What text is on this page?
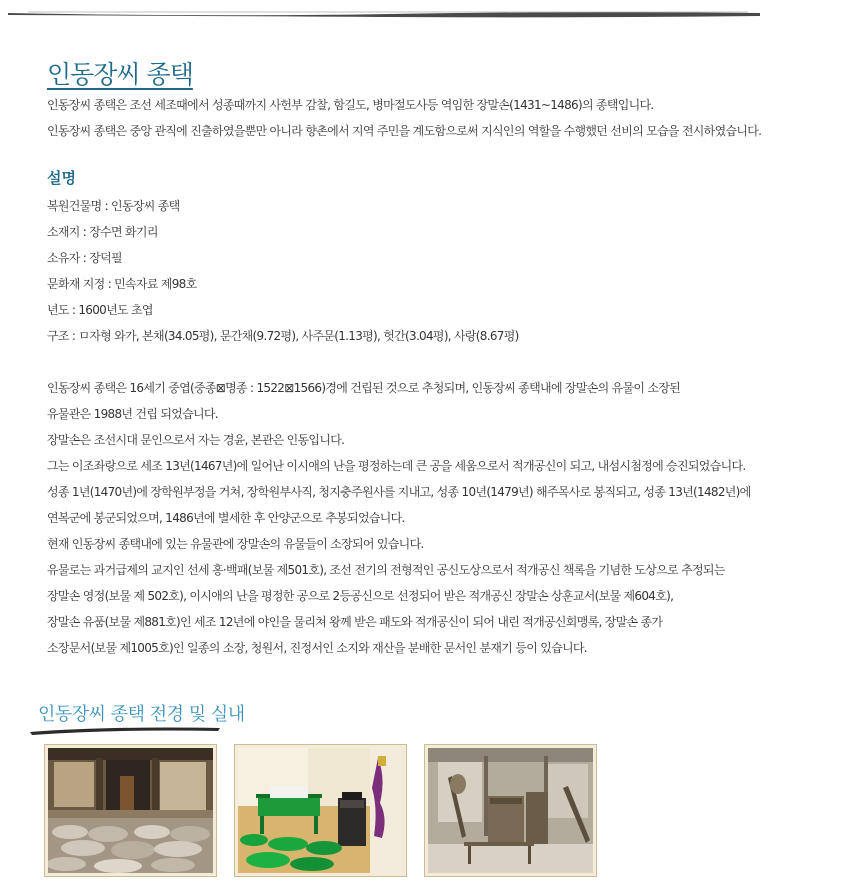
인동장씨 종택
인동장씨 종택은 조선 세조때에서 성종때까지 사헌부 감찰, 함길도, 병마절도사등 역임한 장말손(1431~1486)의 종택입니다.
인동장씨 종택은 중앙 관직에 진출하였을뿐만 아니라 향촌에서 지역 주민을 계도함으로써 지식인의 역할을 수행했던 선비의 모습을 전시하였습니다.
설명
복원건물명 : 인동장씨 종택
소재지 : 장수면 화기리
소유자 : 장덕필
문화재 지정 : 민속자료 제98호
년도 : 1600년도 초엽
구조 : ㅁ자형 와가, 본채(34.05평), 문간채(9.72평), 사주문(1.13평), 헛간(3.04평), 사랑(8.67평)
인동장씨 종택은 16세기 중엽(중종⊠명종 : 1522⊠1566)경에 건립된 것으로 추청되며, 인동장씨 종택내에 장말손의 유물이 소장된
유물관은 1988년 건립 되었습니다.
장말손은 조선시대 문인으로서 자는 경윤, 본관은 인동입니다.
그는 이조좌랑으로 세조 13년(1467년)에 일어난 이시애의 난을 평정하는데 큰 공을 세움으로서 적개공신이 되고, 내섬시첨정에 승진되었습니다.
성종 1년(1470년)에 장학원부정을 거쳐, 장학원부사직, 청지충주원사를 지내고, 성종 10년(1479년) 해주목사로 봉직되고, 성종 13년(1482년)에
연복군에 봉군되었으며, 1486년에 별세한 후 안양군으로 추봉되었습니다.
현재 인동장씨 종택내에 있는 유물관에 장말손의 유물들이 소장되어 있습니다.
유물로는 과거급제의 교지인 선세 홍·백패(보물 제501호), 조선 전기의 전형적인 공신도상으로서 적개공신 책록을 기념한 도상으로 추정되는
장말손 영정(보물 제 502호), 이시애의 난을 평정한 공으로 2등공신으로 선정되어 받은 적개공신 장말손 상훈교서(보물 제604호),
장말손 유품(보물 제881호)인 세조 12년에 야인을 물리쳐 왕께 받은 패도와 적개공신이 되어 내린 적개공신회맹록, 장말손 종가
소장문서(보물 제1005호)인 일종의 소장, 청원서, 진정서인 소지와 재산을 분배한 문서인 분재기 등이 있습니다.
인동장씨 종택 전경 및 실내
